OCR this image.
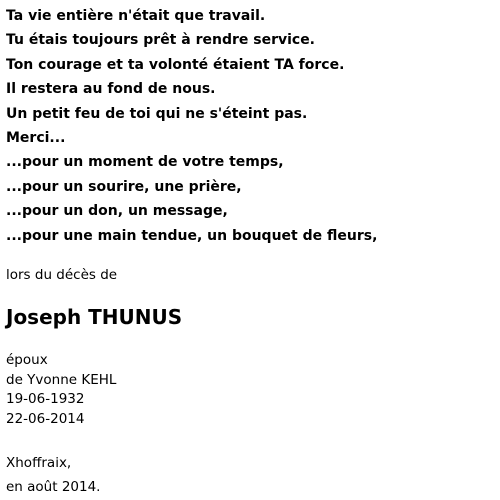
Ta vie entière n'était que travail.
Tu étais toujours prêt à rendre service.
Ton courage et ta volonté étaient TA force.
Il restera au fond de nous.
Un petit feu de toi qui ne s'éteint pas.
Merci...
...pour un moment de votre temps,
...pour un sourire, une prière,
...pour un don, un message,
...pour une main tendue, un bouquet de fleurs,
lors du décès de
Joseph THUNUS
époux
de Yvonne KEHL
19-06-1932
22-06-2014
Xhoffraix,
en août 2014.
